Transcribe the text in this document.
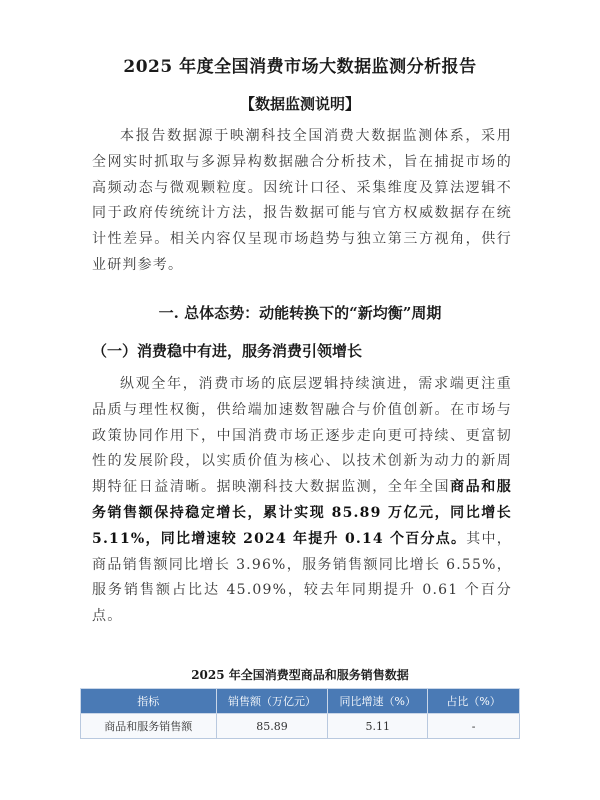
2025 年度全国消费市场大数据监测分析报告
【数据监测说明】
本报告数据源于映潮科技全国消费大数据监测体系，采用全网实时抓取与多源异构数据融合分析技术，旨在捕捉市场的高频动态与微观颗粒度。因统计口径、采集维度及算法逻辑不同于政府传统统计方法，报告数据可能与官方权威数据存在统计性差异。相关内容仅呈现市场趋势与独立第三方视角，供行业研判参考。
一. 总体态势：动能转换下的“新均衡”周期
（一）消费稳中有进，服务消费引领增长
纵观全年，消费市场的底层逻辑持续演进，需求端更注重品质与理性权衡，供给端加速数智融合与价值创新。在市场与政策协同作用下，中国消费市场正逐步走向更可持续、更富韧性的发展阶段，以实质价值为核心、以技术创新为动力的新周期特征日益清晰。据映潮科技大数据监测，全年全国商品和服务销售额保持稳定增长，累计实现 85.89 万亿元，同比增长 5.11%，同比增速较 2024 年提升 0.14 个百分点。其中，商品销售额同比增长 3.96%，服务销售额同比增长 6.55%，服务销售额占比达 45.09%，较去年同期提升 0.61 个百分点。
2025 年全国消费型商品和服务销售数据
指标	销售额（万亿元）	同比增速（%）	占比（%）
商品和服务销售额	85.89	5.11	-
